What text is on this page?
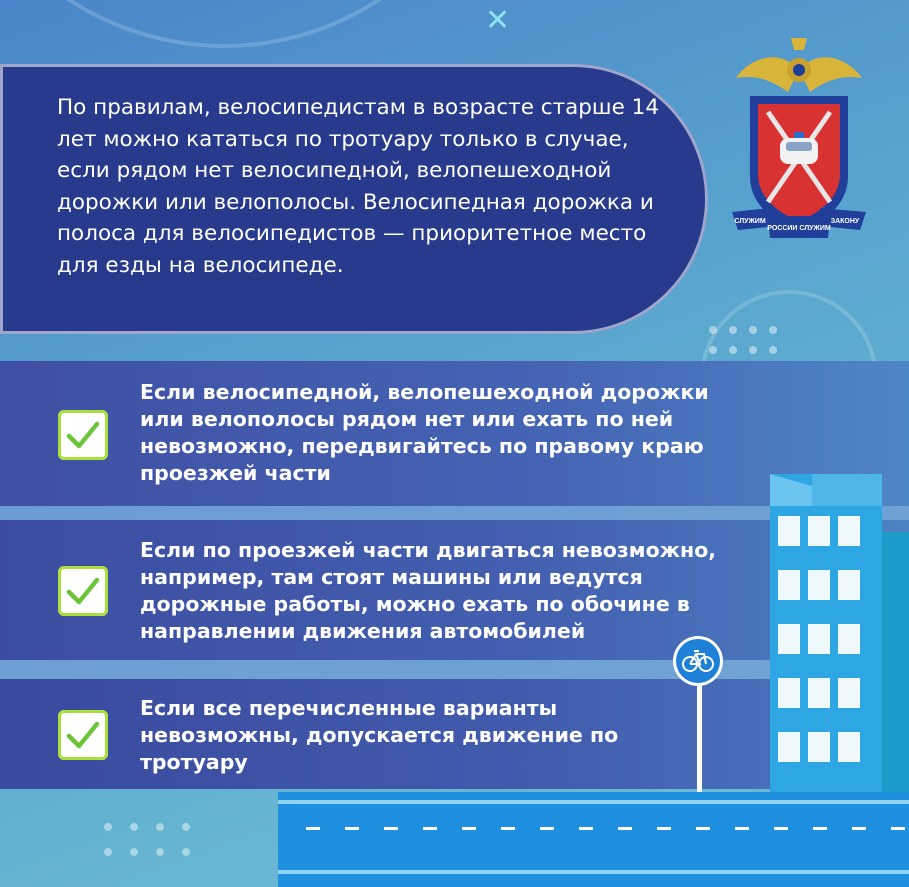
✕

По правилам, велосипедистам в возрасте старше 14 лет можно кататься по тротуару только в случае, если рядом нет велосипедной, велопешеходной дорожки или велополосы. Велосипедная дорожка и полоса для велосипедистов — приоритетное место для езды на велосипеде.

СЛУЖИМ
РОССИИ СЛУЖИМ
ЗАКОНУ

Если велосипедной, велопешеходной дорожки или велополосы рядом нет или ехать по ней невозможно, передвигайтесь по правому краю проезжей части

Если по проезжей части двигаться невозможно, например, там стоят машины или ведутся дорожные работы, можно ехать по обочине в направлении движения автомобилей

Если все перечисленные варианты невозможны, допускается движение по тротуару
